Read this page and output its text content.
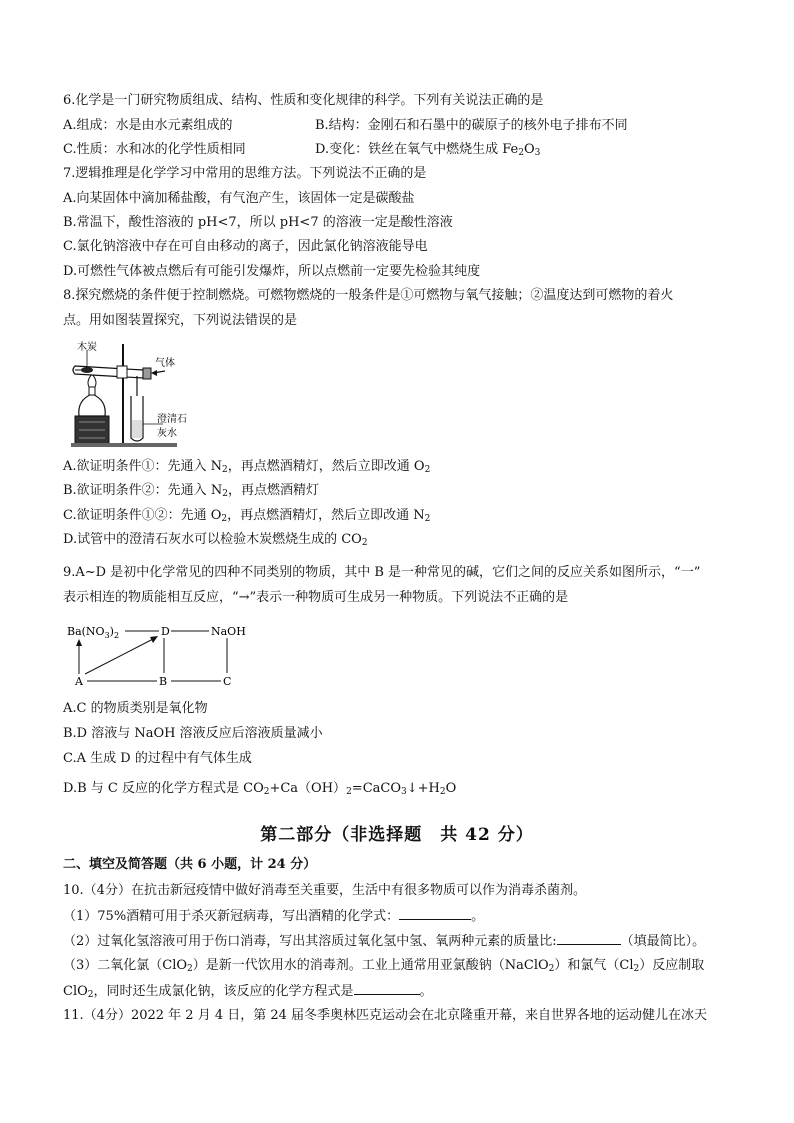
6.化学是一门研究物质组成、结构、性质和变化规律的科学。下列有关说法正确的是
A.组成：水是由水元素组成的	B.结构：金刚石和石墨中的碳原子的核外电子排布不同
C.性质：水和冰的化学性质相同	D.变化：铁丝在氧气中燃烧生成 $Fe_2O_3$
7.逻辑推理是化学学习中常用的思维方法。下列说法不正确的是
A.向某固体中滴加稀盐酸，有气泡产生，该固体一定是碳酸盐
B.常温下，酸性溶液的 pH<7，所以 pH<7 的溶液一定是酸性溶液
C.氯化钠溶液中存在可自由移动的离子，因此氯化钠溶液能导电
D.可燃性气体被点燃后有可能引发爆炸，所以点燃前一定要先检验其纯度
8.探究燃烧的条件便于控制燃烧。可燃物燃烧的一般条件是①可燃物与氧气接触；②温度达到可燃物的着火
点。用如图装置探究，下列说法错误的是
木炭
气体
澄清石
灰水
A.欲证明条件①：先通入 $N_2$，再点燃酒精灯，然后立即改通 $O_2$
B.欲证明条件②：先通入 $N_2$，再点燃酒精灯
C.欲证明条件①②：先通 $O_2$，再点燃酒精灯，然后立即改通 $N_2$
D.试管中的澄清石灰水可以检验木炭燃烧生成的 $CO_2$
9.A~D 是初中化学常见的四种不同类别的物质，其中 B 是一种常见的碱，它们之间的反应关系如图所示，“一”
表示相连的物质能相互反应，“→”表示一种物质可生成另一种物质。下列说法不正确的是
$Ba(NO_3)_2$	D	NaOH
A	B	C
A.C 的物质类别是氧化物
B.D 溶液与 NaOH 溶液反应后溶液质量减小
C.A 生成 D 的过程中有气体生成
D.B 与 C 反应的化学方程式是 $CO_2+Ca(OH)_2=CaCO_3↓+H_2O$
第二部分（非选择题　共 42 分）
二、填空及简答题（共 6 小题，计 24 分）
10.（4分）在抗击新冠疫情中做好消毒至关重要，生活中有很多物质可以作为消毒杀菌剂。
（1）75%酒精可用于杀灭新冠病毒，写出酒精的化学式：	。
（2）过氧化氢溶液可用于伤口消毒，写出其溶质过氧化氢中氢、氧两种元素的质量比:	（填最简比）。
（3）二氧化氯（ClO$_2$）是新一代饮用水的消毒剂。工业上通常用亚氯酸钠（NaClO$_2$）和氯气$(Cl_2)$反应制取
ClO$_2$，同时还生成氯化钠，该反应的化学方程式是	。
11.（4分）2022 年 2 月 4 日，第 24 届冬季奥林匹克运动会在北京隆重开幕，来自世界各地的运动健儿在冰天
